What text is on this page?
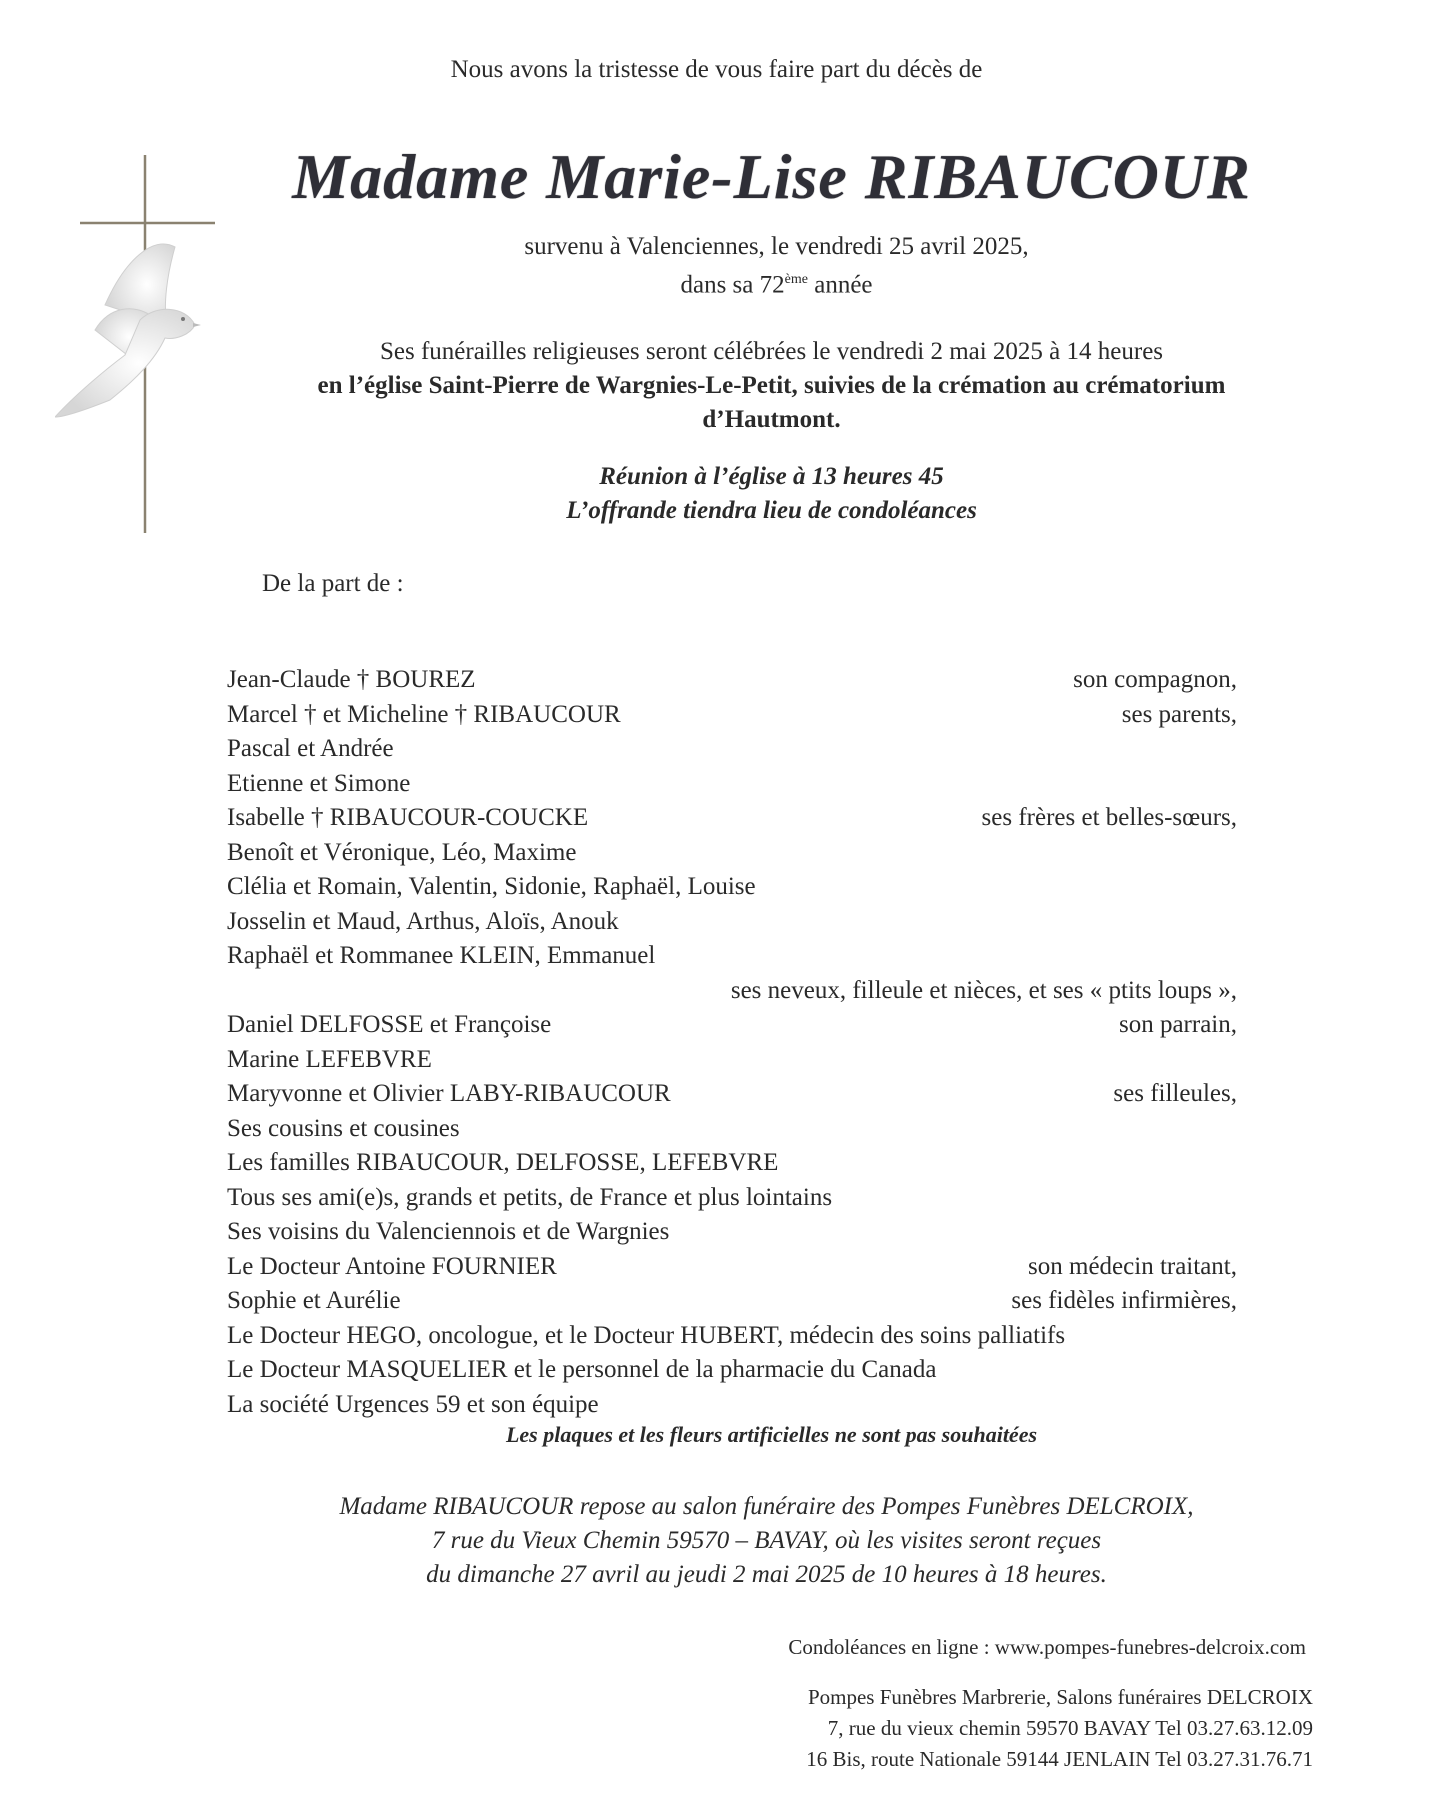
Nous avons la tristesse de vous faire part du décès de
Madame Marie-Lise RIBAUCOUR
survenu à Valenciennes, le vendredi 25 avril 2025,
dans sa 72ème année
Ses funérailles religieuses seront célébrées le vendredi 2 mai 2025 à 14 heures
en l’église Saint-Pierre de Wargnies-Le-Petit, suivies de la crémation au crématorium
d’Hautmont.
Réunion à l’église à 13 heures 45
L’offrande tiendra lieu de condoléances
De la part de :
Jean-Claude † BOUREZ	son compagnon,
Marcel † et Micheline † RIBAUCOUR	ses parents,
Pascal et Andrée
Etienne et Simone
Isabelle † RIBAUCOUR-COUCKE	ses frères et belles-sœurs,
Benoît et Véronique, Léo, Maxime
Clélia et Romain, Valentin, Sidonie, Raphaël, Louise
Josselin et Maud, Arthus, Aloïs, Anouk
Raphaël et Rommanee KLEIN, Emmanuel
ses neveux, filleule et nièces, et ses « ptits loups »,
Daniel DELFOSSE et Françoise	son parrain,
Marine LEFEBVRE
Maryvonne et Olivier LABY-RIBAUCOUR	ses filleules,
Ses cousins et cousines
Les familles RIBAUCOUR, DELFOSSE, LEFEBVRE
Tous ses ami(e)s, grands et petits, de France et plus lointains
Ses voisins du Valenciennois et de Wargnies
Le Docteur Antoine FOURNIER	son médecin traitant,
Sophie et Aurélie	ses fidèles infirmières,
Le Docteur HEGO, oncologue, et le Docteur HUBERT, médecin des soins palliatifs
Le Docteur MASQUELIER et le personnel de la pharmacie du Canada
La société Urgences 59 et son équipe
Les plaques et les fleurs artificielles ne sont pas souhaitées
Madame RIBAUCOUR repose au salon funéraire des Pompes Funèbres DELCROIX,
7 rue du Vieux Chemin 59570 – BAVAY, où les visites seront reçues
du dimanche 27 avril au jeudi 2 mai 2025 de 10 heures à 18 heures.
Condoléances en ligne : www.pompes-funebres-delcroix.com
Pompes Funèbres Marbrerie, Salons funéraires DELCROIX
7, rue du vieux chemin 59570 BAVAY Tel 03.27.63.12.09
16 Bis, route Nationale 59144 JENLAIN Tel 03.27.31.76.71
